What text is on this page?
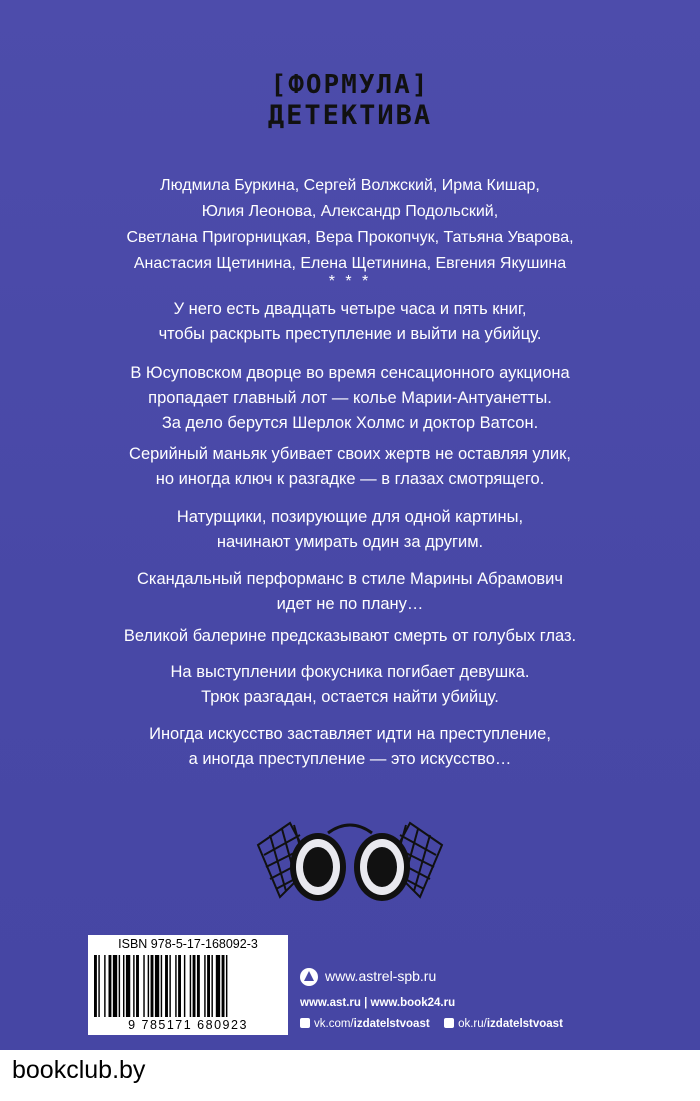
[ФОРМУЛА]
ДЕТЕКТИВА
Людмила Буркина, Сергей Волжский, Ирма Кишар,
Юлия Леонова, Александр Подольский,
Светлана Пригорницкая, Вера Прокопчук, Татьяна Уварова,
Анастасия Щетинина, Елена Щетинина, Евгения Якушина
* * *
У него есть двадцать четыре часа и пять книг,
чтобы раскрыть преступление и выйти на убийцу.
В Юсуповском дворце во время сенсационного аукциона
пропадает главный лот — колье Марии-Антуанетты.
За дело берутся Шерлок Холмс и доктор Ватсон.
Серийный маньяк убивает своих жертв не оставляя улик,
но иногда ключ к разгадке — в глазах смотрящего.
Натурщики, позирующие для одной картины,
начинают умирать один за другим.
Скандальный перформанс в стиле Марины Абрамович
идет не по плану…
Великой балерине предсказывают смерть от голубых глаз.
На выступлении фокусника погибает девушка.
Трюк разгадан, остается найти убийцу.
Иногда искусство заставляет идти на преступление,
а иногда преступление — это искусство…
ISBN 978-5-17-168092-3
9 785171 680923
www.astrel-spb.ru
www.ast.ru | www.book24.ru
vk.com/izdatelstvoast ok.ru/izdatelstvoast
bookclub.by
